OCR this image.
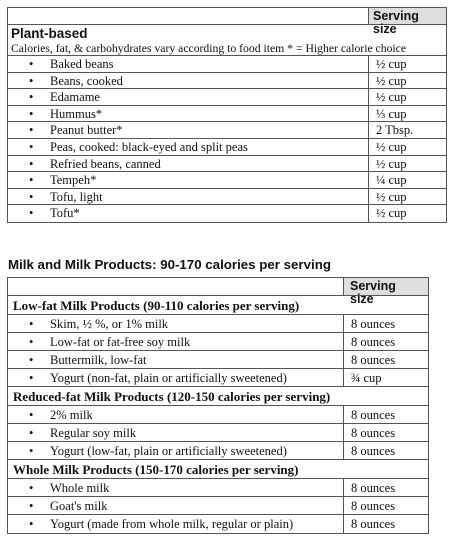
Serving size
Plant-based
Calories, fat, & carbohydrates vary according to food item * = Higher calorie choice
• Baked beans	½ cup
• Beans, cooked	½ cup
• Edamame	½ cup
• Hummus*	⅓ cup
• Peanut butter*	2 Tbsp.
• Peas, cooked: black-eyed and split peas	½ cup
• Refried beans, canned	½ cup
• Tempeh*	¼ cup
• Tofu, light	½ cup
• Tofu*	½ cup
Milk and Milk Products: 90-170 calories per serving
Serving size
Low-fat Milk Products (90-110 calories per serving)
• Skim, ½ %, or 1% milk	8 ounces
• Low-fat or fat-free soy milk	8 ounces
• Buttermilk, low-fat	8 ounces
• Yogurt (non-fat, plain or artificially sweetened)	¾ cup
Reduced-fat Milk Products (120-150 calories per serving)
• 2% milk	8 ounces
• Regular soy milk	8 ounces
• Yogurt (low-fat, plain or artificially sweetened)	8 ounces
Whole Milk Products (150-170 calories per serving)
• Whole milk	8 ounces
• Goat's milk	8 ounces
• Yogurt (made from whole milk, regular or plain)	8 ounces
